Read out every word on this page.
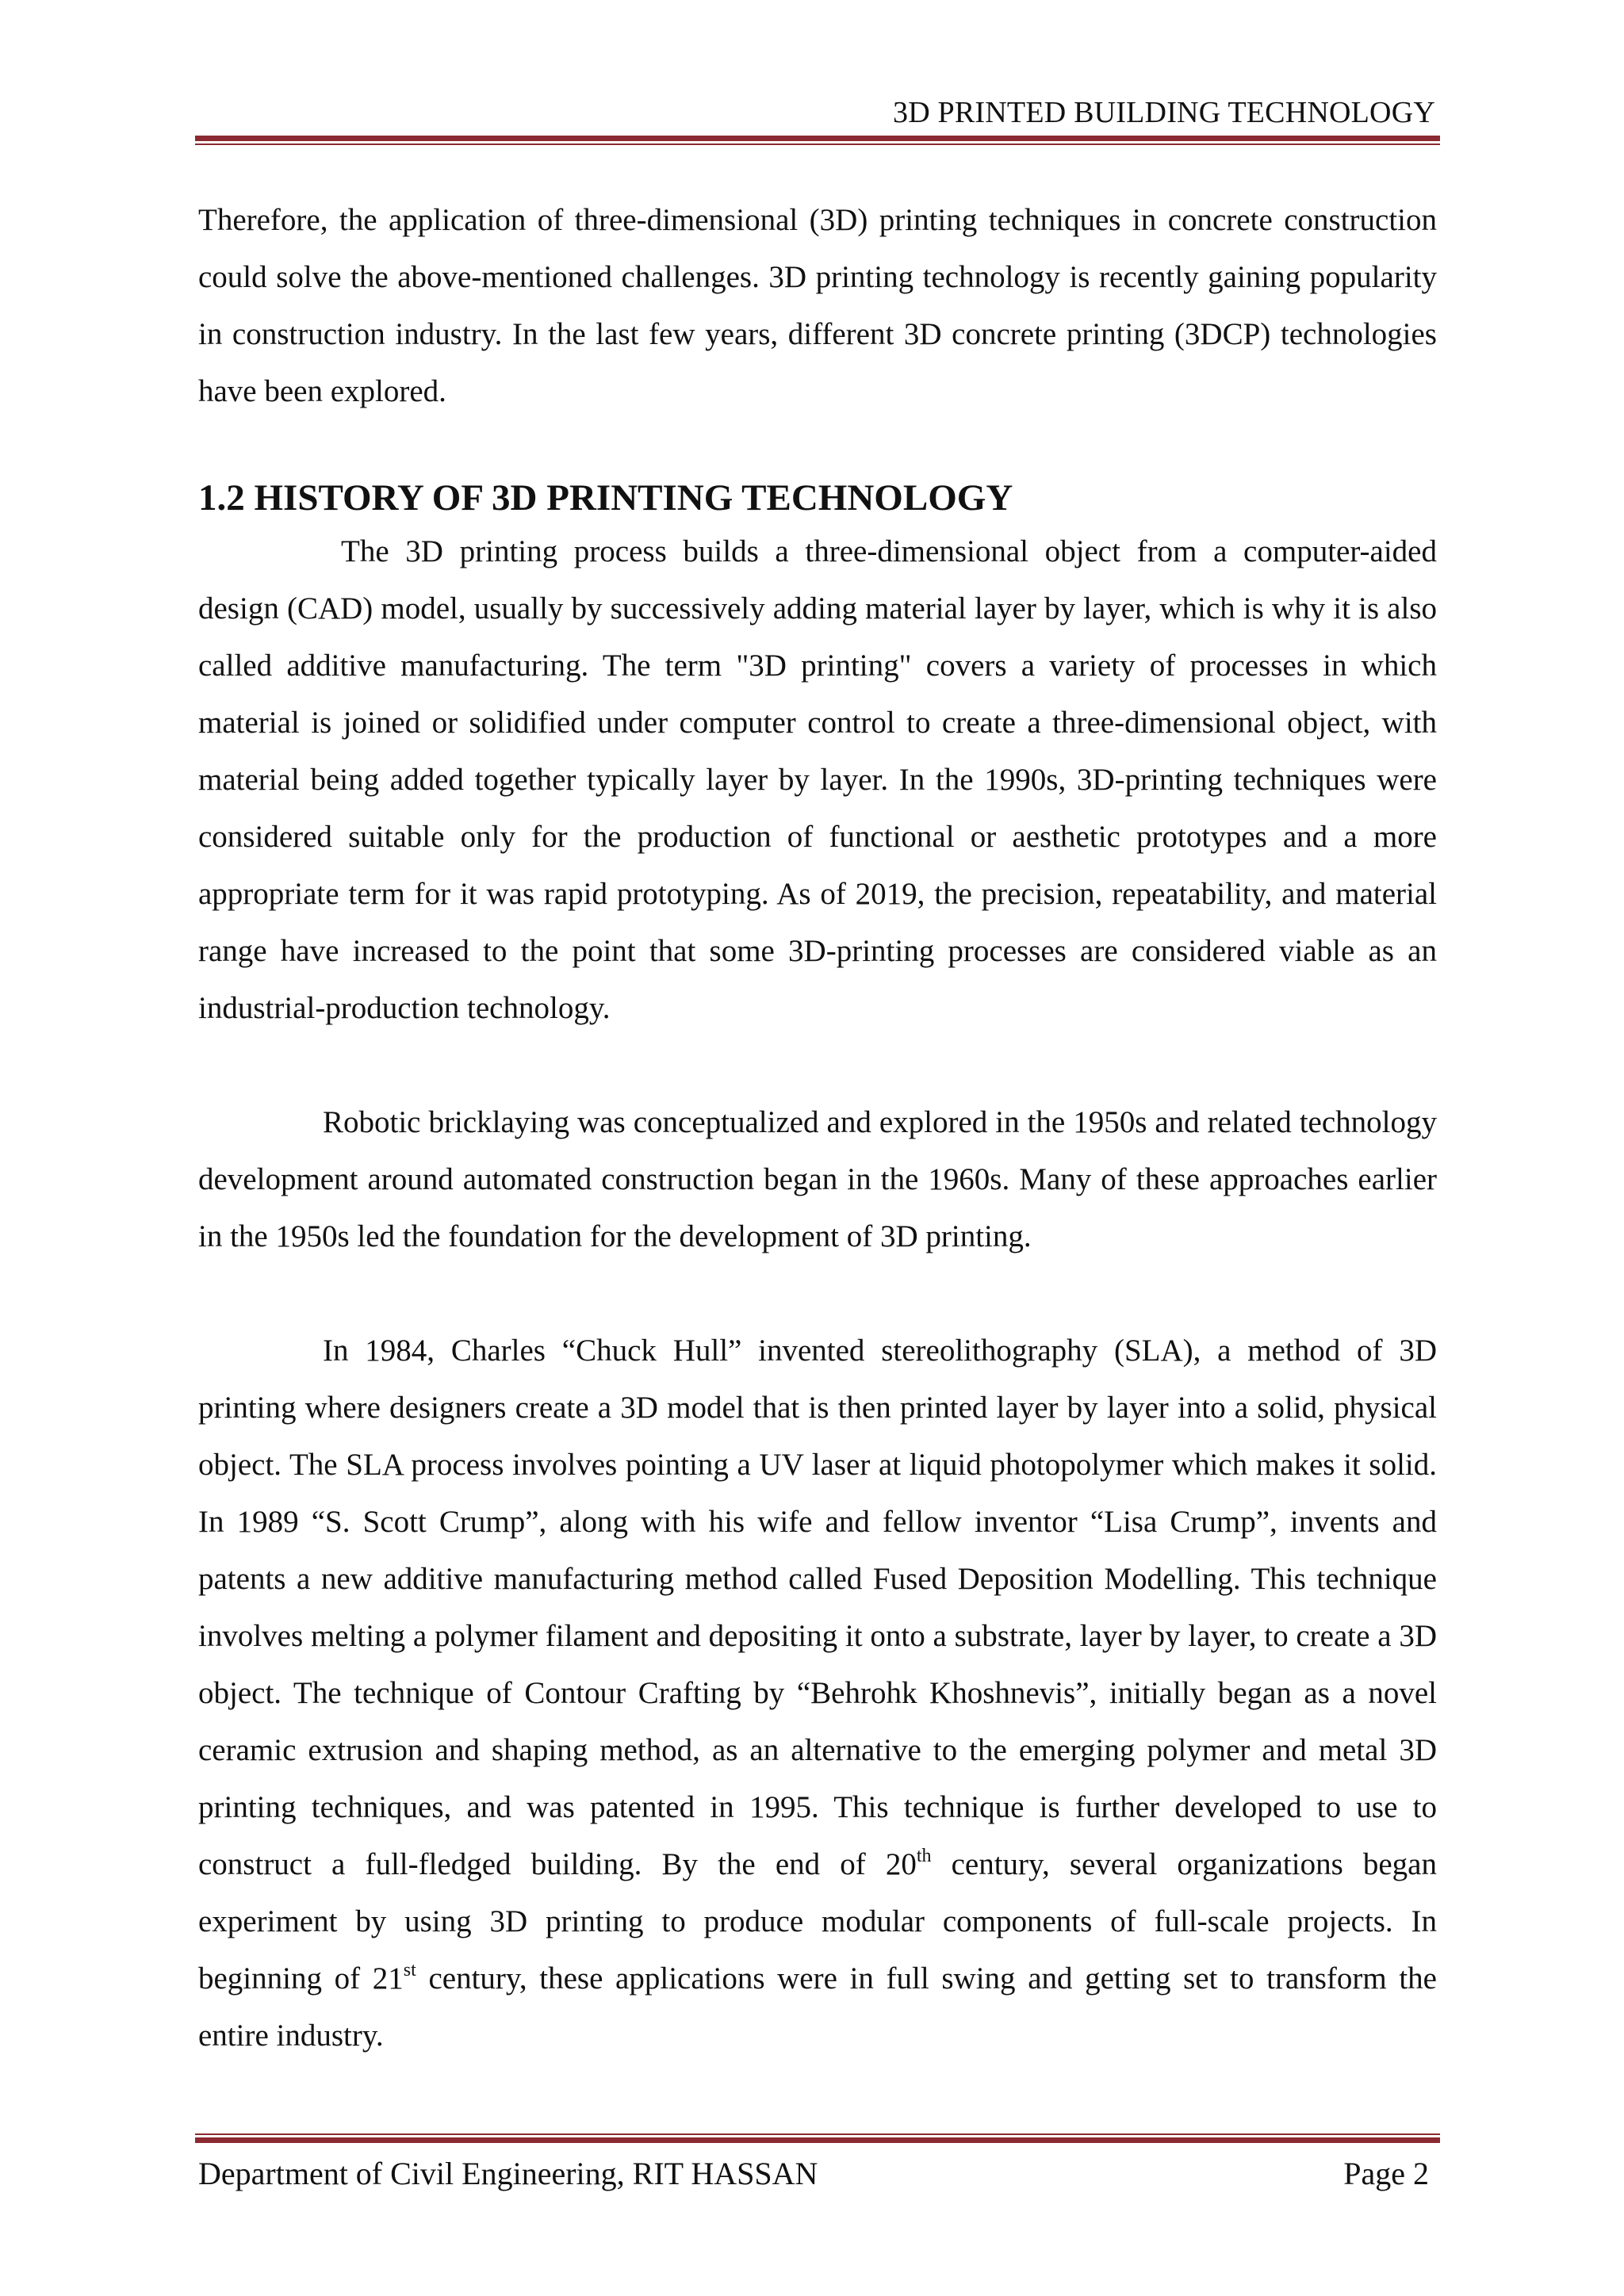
3D PRINTED BUILDING TECHNOLOGY

Therefore, the application of three-dimensional (3D) printing techniques in concrete construction could solve the above-mentioned challenges. 3D printing technology is recently gaining popularity in construction industry. In the last few years, different 3D concrete printing (3DCP) technologies have been explored.

1.2 HISTORY OF 3D PRINTING TECHNOLOGY

The 3D printing process builds a three-dimensional object from a computer-aided design (CAD) model, usually by successively adding material layer by layer, which is why it is also called additive manufacturing. The term "3D printing" covers a variety of processes in which material is joined or solidified under computer control to create a three-dimensional object, with material being added together typically layer by layer. In the 1990s, 3D-printing techniques were considered suitable only for the production of functional or aesthetic prototypes and a more appropriate term for it was rapid prototyping. As of 2019, the precision, repeatability, and material range have increased to the point that some 3D-printing processes are considered viable as an industrial-production technology.

Robotic bricklaying was conceptualized and explored in the 1950s and related technology development around automated construction began in the 1960s. Many of these approaches earlier in the 1950s led the foundation for the development of 3D printing.

In 1984, Charles “Chuck Hull” invented stereolithography (SLA), a method of 3D printing where designers create a 3D model that is then printed layer by layer into a solid, physical object. The SLA process involves pointing a UV laser at liquid photopolymer which makes it solid. In 1989 “S. Scott Crump”, along with his wife and fellow inventor “Lisa Crump”, invents and patents a new additive manufacturing method called Fused Deposition Modelling. This technique involves melting a polymer filament and depositing it onto a substrate, layer by layer, to create a 3D object. The technique of Contour Crafting by “Behrohk Khoshnevis”, initially began as a novel ceramic extrusion and shaping method, as an alternative to the emerging polymer and metal 3D printing techniques, and was patented in 1995. This technique is further developed to use to construct a full-fledged building. By the end of 20th century, several organizations began experiment by using 3D printing to produce modular components of full-scale projects. In beginning of 21st century, these applications were in full swing and getting set to transform the entire industry.

Department of Civil Engineering, RIT HASSAN	Page 2
